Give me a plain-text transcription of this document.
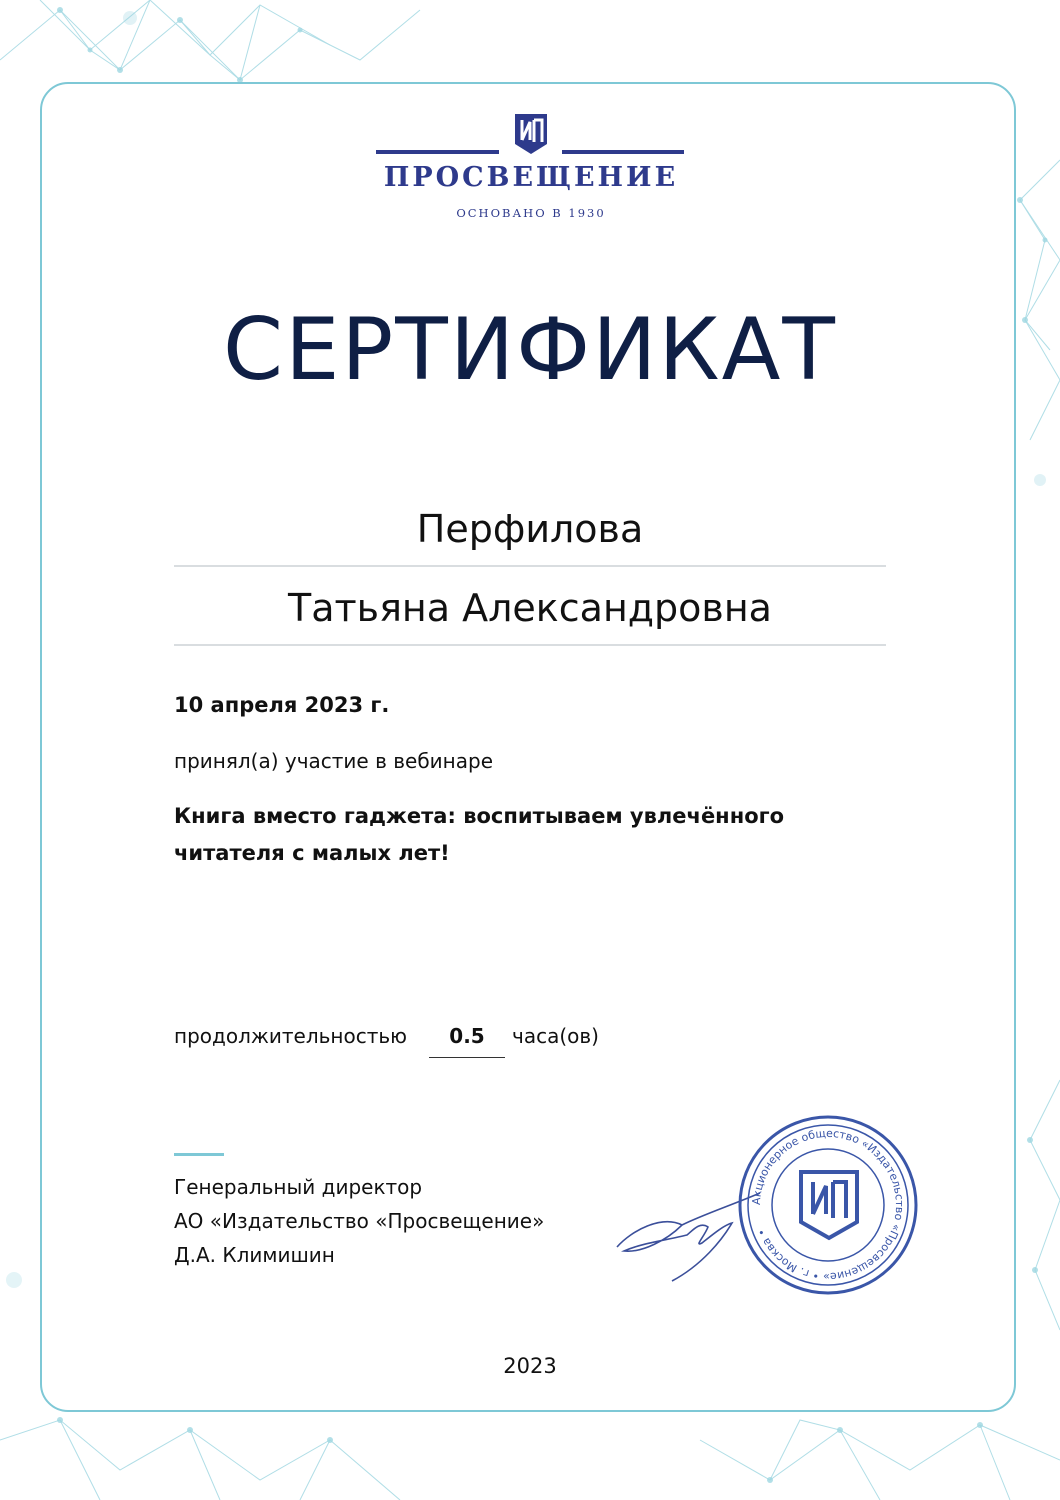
ПРОСВЕЩЕНИЕ
ОСНОВАНО В 1930
СЕРТИФИКАТ
Перфилова
Татьяна Александровна
10 апреля 2023 г.
принял(а) участие в вебинаре
Книга вместо гаджета: воспитываем увлечённого читателя с малых лет!
продолжительностью	0.5	часа(ов)
Генеральный директор
АО «Издательство «Просвещение»
Д.А. Климишин
Акционерное общество «Издательство «Просвещение» • г. Москва •
2023
